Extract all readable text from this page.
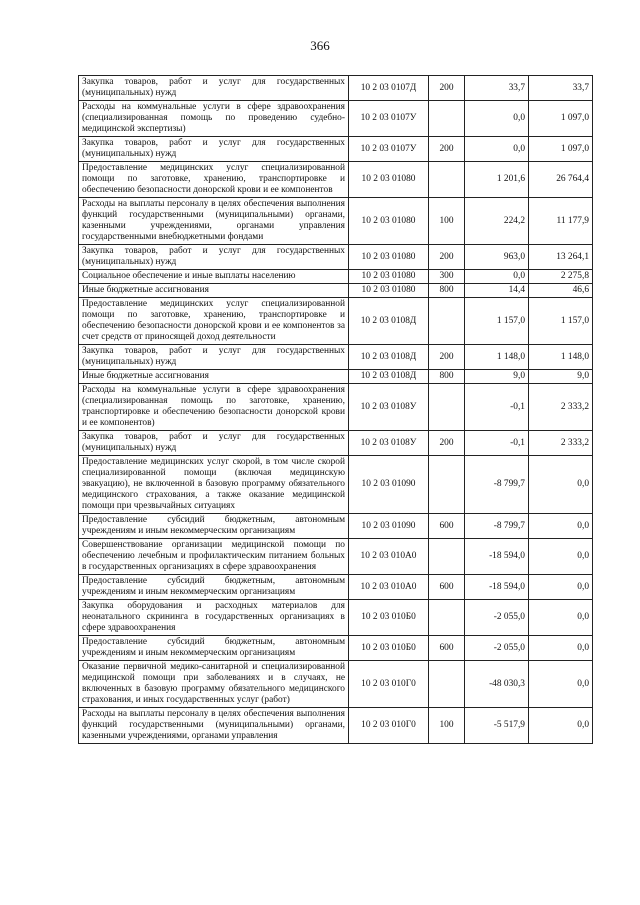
366
Закупка товаров, работ и услуг для государственных (муниципальных) нужд	10 2 03 0107Д	200	33,7	33,7
Расходы на коммунальные услуги в сфере здравоохранения (специализированная помощь по проведению судебно-медицинской экспертизы)	10 2 03 0107У		0,0	1 097,0
Закупка товаров, работ и услуг для государственных (муниципальных) нужд	10 2 03 0107У	200	0,0	1 097,0
Предоставление медицинских услуг специализированной помощи по заготовке, хранению, транспортировке и обеспечению безопасности донорской крови и ее компонентов	10 2 03 01080		1 201,6	26 764,4
Расходы на выплаты персоналу в целях обеспечения выполнения функций государственными (муниципальными) органами, казенными учреждениями, органами управления государственными внебюджетными фондами	10 2 03 01080	100	224,2	11 177,9
Закупка товаров, работ и услуг для государственных (муниципальных) нужд	10 2 03 01080	200	963,0	13 264,1
Социальное обеспечение и иные выплаты населению	10 2 03 01080	300	0,0	2 275,8
Иные бюджетные ассигнования	10 2 03 01080	800	14,4	46,6
Предоставление медицинских услуг специализированной помощи по заготовке, хранению, транспортировке и обеспечению безопасности донорской крови и ее компонентов за счет средств от приносящей доход деятельности	10 2 03 0108Д		1 157,0	1 157,0
Закупка товаров, работ и услуг для государственных (муниципальных) нужд	10 2 03 0108Д	200	1 148,0	1 148,0
Иные бюджетные ассигнования	10 2 03 0108Д	800	9,0	9,0
Расходы на коммунальные услуги в сфере здравоохранения (специализированная помощь по заготовке, хранению, транспортировке и обеспечению безопасности донорской крови и ее компонентов)	10 2 03 0108У		-0,1	2 333,2
Закупка товаров, работ и услуг для государственных (муниципальных) нужд	10 2 03 0108У	200	-0,1	2 333,2
Предоставление медицинских услуг скорой, в том числе скорой специализированной помощи (включая медицинскую эвакуацию), не включенной в базовую программу обязательного медицинского страхования, а также оказание медицинской помощи при чрезвычайных ситуациях	10 2 03 01090		-8 799,7	0,0
Предоставление субсидий бюджетным, автономным учреждениям и иным некоммерческим организациям	10 2 03 01090	600	-8 799,7	0,0
Совершенствование организации медицинской помощи по обеспечению лечебным и профилактическим питанием больных в государственных организациях в сфере здравоохранения	10 2 03 010А0		-18 594,0	0,0
Предоставление субсидий бюджетным, автономным учреждениям и иным некоммерческим организациям	10 2 03 010А0	600	-18 594,0	0,0
Закупка оборудования и расходных материалов для неонатального скрининга в государственных организациях в сфере здравоохранения	10 2 03 010Б0		-2 055,0	0,0
Предоставление субсидий бюджетным, автономным учреждениям и иным некоммерческим организациям	10 2 03 010Б0	600	-2 055,0	0,0
Оказание первичной медико-санитарной и специализированной медицинской помощи при заболеваниях и в случаях, не включенных в базовую программу обязательного медицинского страхования, и иных государственных услуг (работ)	10 2 03 010Г0		-48 030,3	0,0
Расходы на выплаты персоналу в целях обеспечения выполнения функций государственными (муниципальными) органами, казенными учреждениями, органами управления	10 2 03 010Г0	100	-5 517,9	0,0
